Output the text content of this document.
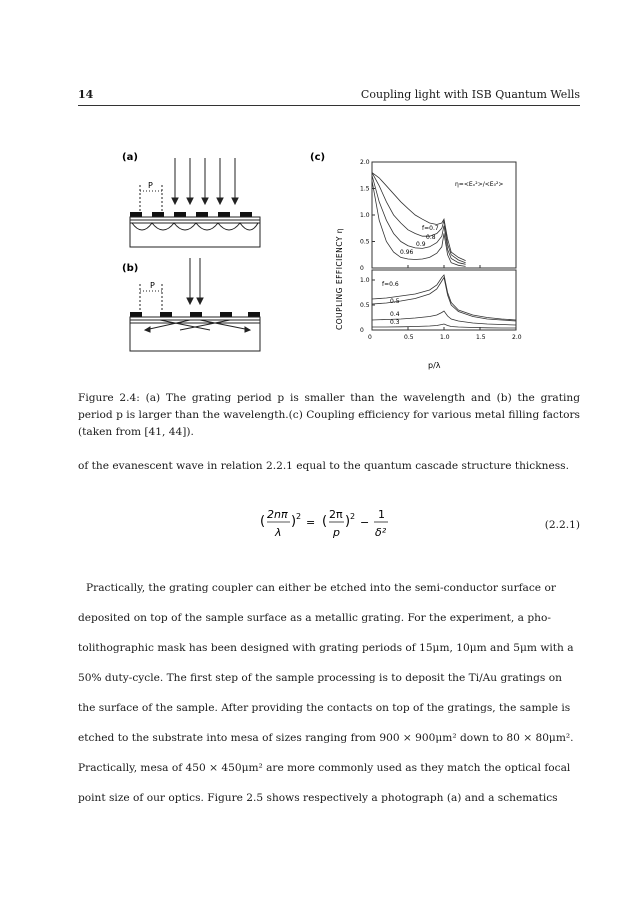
14	Coupling light with ISB Quantum Wells
(a)
P
(b)
P
(c)
COUPLING EFFICIENCY η
p/λ
η=<Eₓ²>/<E₀²>
2.0
1.5
1.0
0.5
0
1.0
0.5
0
0	0.5	1.0	1.5	2.0
f=0.7
0.8
0.9
0.96
f=0.6
0.5
0.4
0.3
Figure 2.4: (a) The grating period p is smaller than the wavelength and (b) the grating period p is larger than the wavelength.(c) Coupling efficiency for various metal filling factors (taken from [41, 44]).
of the evanescent wave in relation 2.2.1 equal to the quantum cascade structure thickness.
( 2nπ
λ
) 2 = ( 2π
p
) 2 −
1
δ²
(2.2.1)
Practically, the grating coupler can either be etched into the semi-conductor surface or
deposited on top of the sample surface as a metallic grating. For the experiment, a pho-
tolithographic mask has been designed with grating periods of 15μm, 10μm and 5μm with a
50% duty-cycle. The first step of the sample processing is to deposit the Ti/Au gratings on
the surface of the sample. After providing the contacts on top of the gratings, the sample is
etched to the substrate into mesa of sizes ranging from 900 × 900μm² down to 80 × 80μm².
Practically, mesa of 450 × 450μm² are more commonly used as they match the optical focal
point size of our optics. Figure 2.5 shows respectively a photograph (a) and a schematics
